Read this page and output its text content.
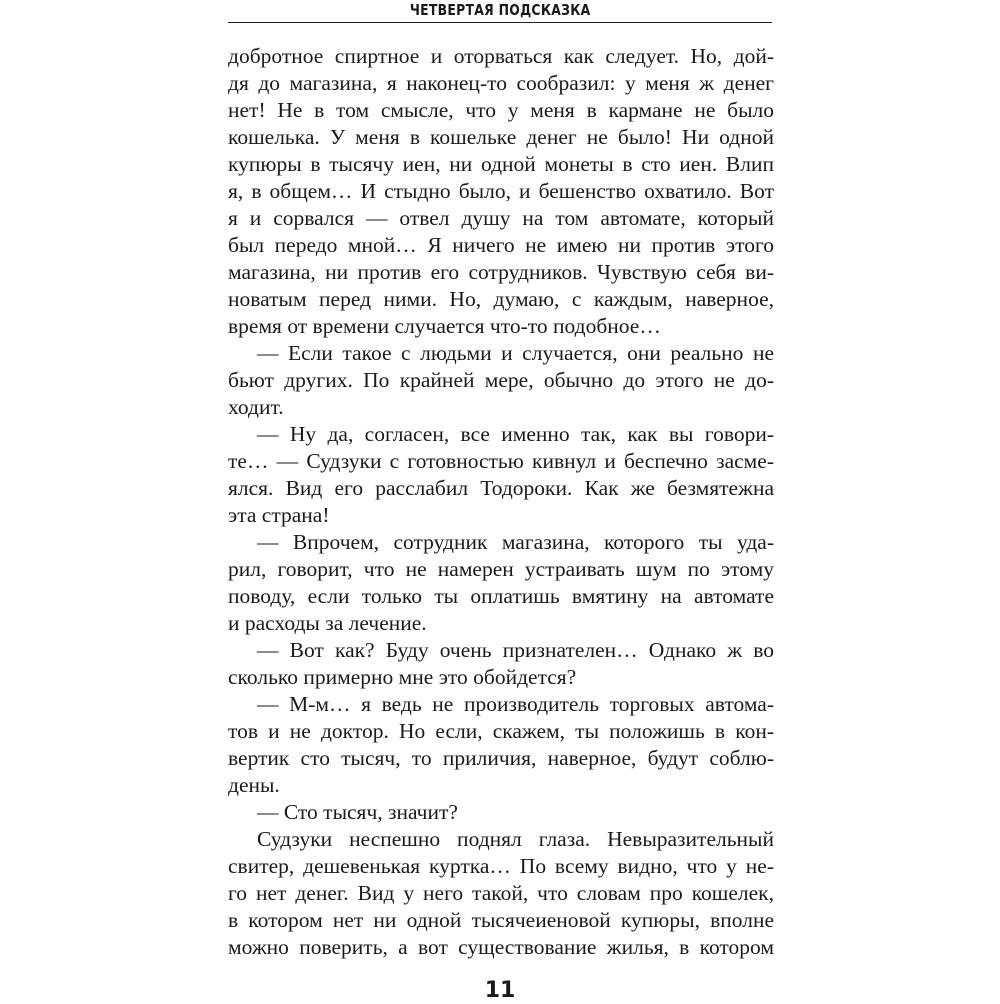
ЧЕТВЕРТАЯ ПОДСКАЗКА
добротное спиртное и оторваться как следует. Но, дой-
дя до магазина, я наконец-то сообразил: у меня ж денег
нет! Не в том смысле, что у меня в кармане не было
кошелька. У меня в кошельке денег не было! Ни одной
купюры в тысячу иен, ни одной монеты в сто иен. Влип
я, в общем… И стыдно было, и бешенство охватило. Вот
я и сорвался — отвел душу на том автомате, который
был передо мной… Я ничего не имею ни против этого
магазина, ни против его сотрудников. Чувствую себя ви-
новатым перед ними. Но, думаю, с каждым, наверное,
время от времени случается что-то подобное…
— Если такое с людьми и случается, они реально не
бьют других. По крайней мере, обычно до этого не до-
ходит.
— Ну да, согласен, все именно так, как вы говори-
те… — Судзуки с готовностью кивнул и беспечно засме-
ялся. Вид его расслабил Тодороки. Как же безмятежна
эта страна!
— Впрочем, сотрудник магазина, которого ты уда-
рил, говорит, что не намерен устраивать шум по этому
поводу, если только ты оплатишь вмятину на автомате
и расходы за лечение.
— Вот как? Буду очень признателен… Однако ж во
сколько примерно мне это обойдется?
— М-м… я ведь не производитель торговых автома-
тов и не доктор. Но если, скажем, ты положишь в кон-
вертик сто тысяч, то приличия, наверное, будут соблю-
дены.
— Сто тысяч, значит?
Судзуки неспешно поднял глаза. Невыразительный
свитер, дешевенькая куртка… По всему видно, что у не-
го нет денег. Вид у него такой, что словам про кошелек,
в котором нет ни одной тысячеиеновой купюры, вполне
можно поверить, а вот существование жилья, в котором
11
